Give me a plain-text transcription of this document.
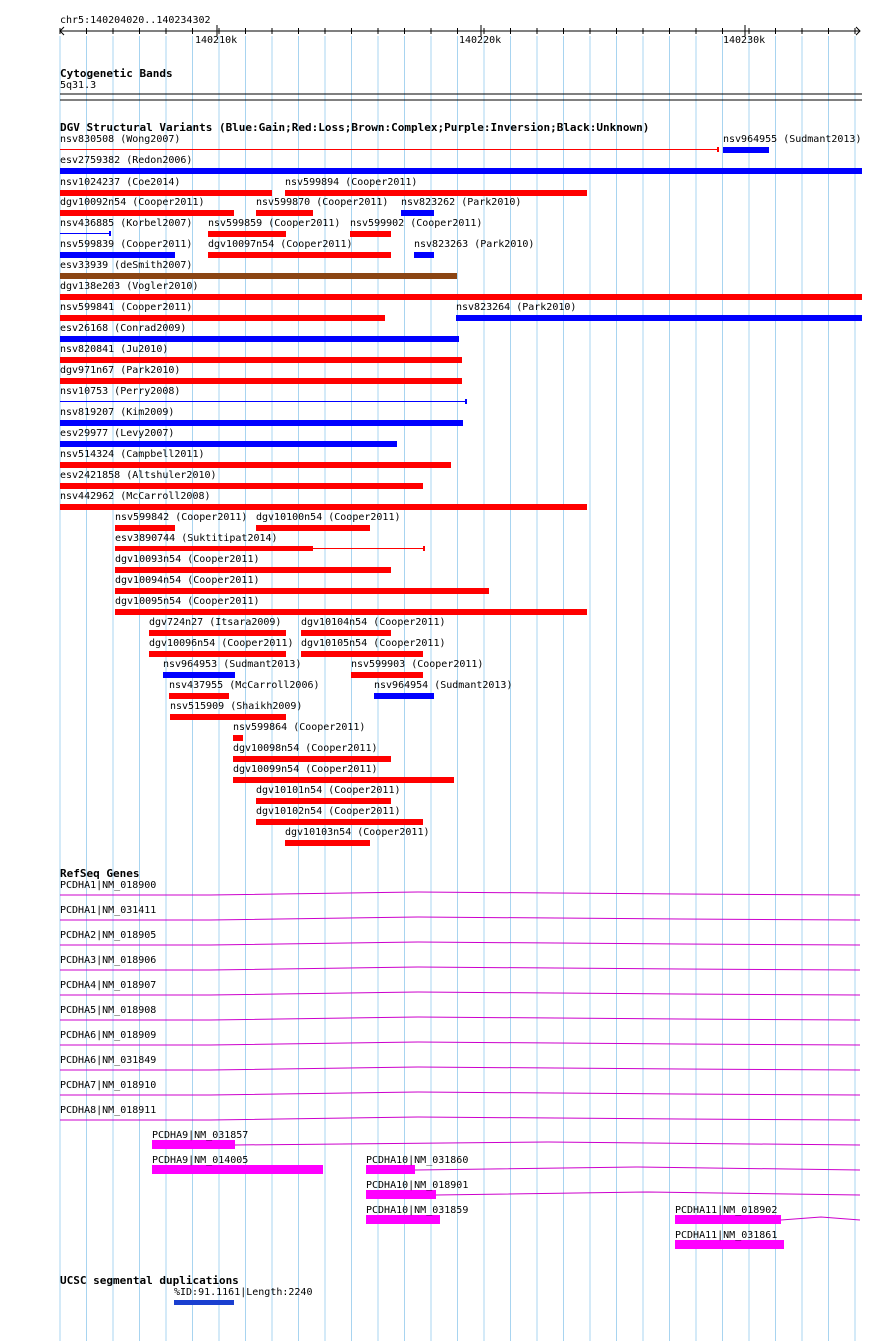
chr5:140204020..140234302
140210k	140220k	140230k
Cytogenetic Bands
5q31.3
DGV Structural Variants (Blue:Gain;Red:Loss;Brown:Complex;Purple:Inversion;Black:Unknown)
nsv830508 (Wong2007)	nsv964955 (Sudmant2013)
esv2759382 (Redon2006)
nsv1024237 (Coe2014)	nsv599894 (Cooper2011)
dgv10092n54 (Cooper2011)	nsv599870 (Cooper2011) nsv823262 (Park2010)
nsv436885 (Korbel2007) nsv599859 (Cooper2011) nsv599902 (Cooper2011)
nsv599839 (Cooper2011) dgv10097n54 (Cooper2011)	nsv823263 (Park2010)
esv33939 (deSmith2007)
dgv138e203 (Vogler2010)
nsv599841 (Cooper2011)	nsv823264 (Park2010)
esv26168 (Conrad2009)
nsv820841 (Ju2010)
dgv971n67 (Park2010)
nsv10753 (Perry2008)
nsv819207 (Kim2009)
esv29977 (Levy2007)
nsv514324 (Campbell2011)
esv2421858 (Altshuler2010)
nsv442962 (McCarroll2008)
nsv599842 (Cooper2011) dgv10100n54 (Cooper2011)
esv3890744 (Suktitipat2014)
dgv10093n54 (Cooper2011)
dgv10094n54 (Cooper2011)
dgv10095n54 (Cooper2011)
dgv724n27 (Itsara2009) dgv10104n54 (Cooper2011)
dgv10096n54 (Cooper2011) dgv10105n54 (Cooper2011)
nsv964953 (Sudmant2013)	nsv599903 (Cooper2011)
nsv437955 (McCarroll2006)	nsv964954 (Sudmant2013)
nsv515909 (Shaikh2009)
nsv599864 (Cooper2011)
dgv10098n54 (Cooper2011)
dgv10099n54 (Cooper2011)
dgv10101n54 (Cooper2011)
dgv10102n54 (Cooper2011)
dgv10103n54 (Cooper2011)
RefSeq Genes
PCDHA1|NM_018900
PCDHA1|NM_031411
PCDHA2|NM_018905
PCDHA3|NM_018906
PCDHA4|NM_018907
PCDHA5|NM_018908
PCDHA6|NM_018909
PCDHA6|NM_031849
PCDHA7|NM_018910
PCDHA8|NM_018911
PCDHA9|NM_031857
PCDHA9|NM_014005	PCDHA10|NM_031860
PCDHA10|NM_018901
PCDHA10|NM_031859	PCDHA11|NM_018902
PCDHA11|NM_031861
UCSC segmental duplications
%ID:91.1161|Length:2240
